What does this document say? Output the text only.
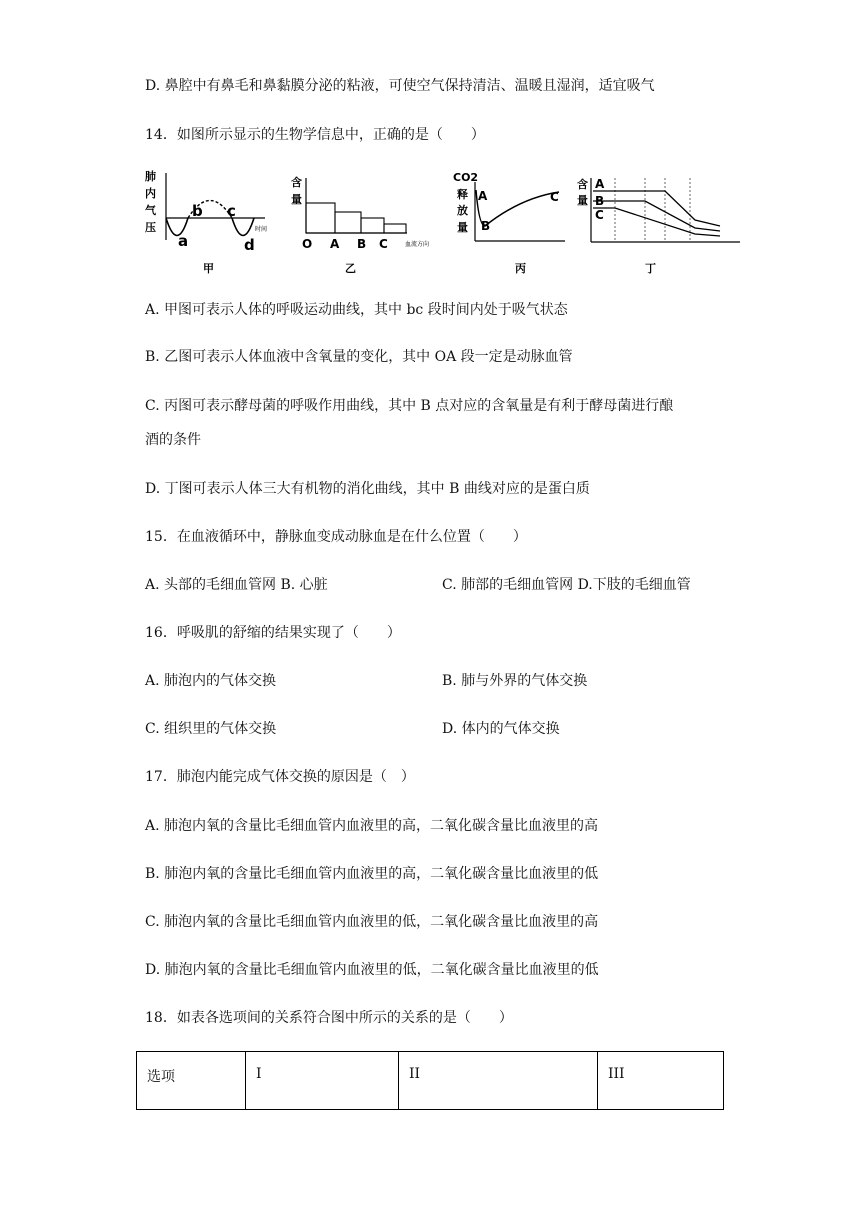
D. 鼻腔中有鼻毛和鼻黏膜分泌的粘液，可使空气保持清洁、温暖且湿润，适宜吸气
14．如图所示显示的生物学信息中，正确的是（　　）
肺
内
气
压
a
b c
d
时间
甲
含
量
O A B C	血流方向
乙
CO2
释
放
量
A
B
C
丙
含
量
A
B
C
丁
A. 甲图可表示人体的呼吸运动曲线，其中 bc 段时间内处于吸气状态
B. 乙图可表示人体血液中含氧量的变化，其中 OA 段一定是动脉血管
C. 丙图可表示酵母菌的呼吸作用曲线，其中 B 点对应的含氧量是有利于酵母菌进行酿
酒的条件
D. 丁图可表示人体三大有机物的消化曲线，其中 B 曲线对应的是蛋白质
15．在血液循环中，静脉血变成动脉血是在什么位置（　　）
A. 头部的毛细血管网 B. 心脏	C. 肺部的毛细血管网 D.下肢的毛细血管
16．呼吸肌的舒缩的结果实现了（　　）
A. 肺泡内的气体交换	B. 肺与外界的气体交换
C. 组织里的气体交换	D. 体内的气体交换
17．肺泡内能完成气体交换的原因是（　）
A. 肺泡内氧的含量比毛细血管内血液里的高，二氧化碳含量比血液里的高
B. 肺泡内氧的含量比毛细血管内血液里的高，二氧化碳含量比血液里的低
C. 肺泡内氧的含量比毛细血管内血液里的低，二氧化碳含量比血液里的高
D. 肺泡内氧的含量比毛细血管内血液里的低，二氧化碳含量比血液里的低
18．如表各选项间的关系符合图中所示的关系的是（　　）
选项	I	II	III
